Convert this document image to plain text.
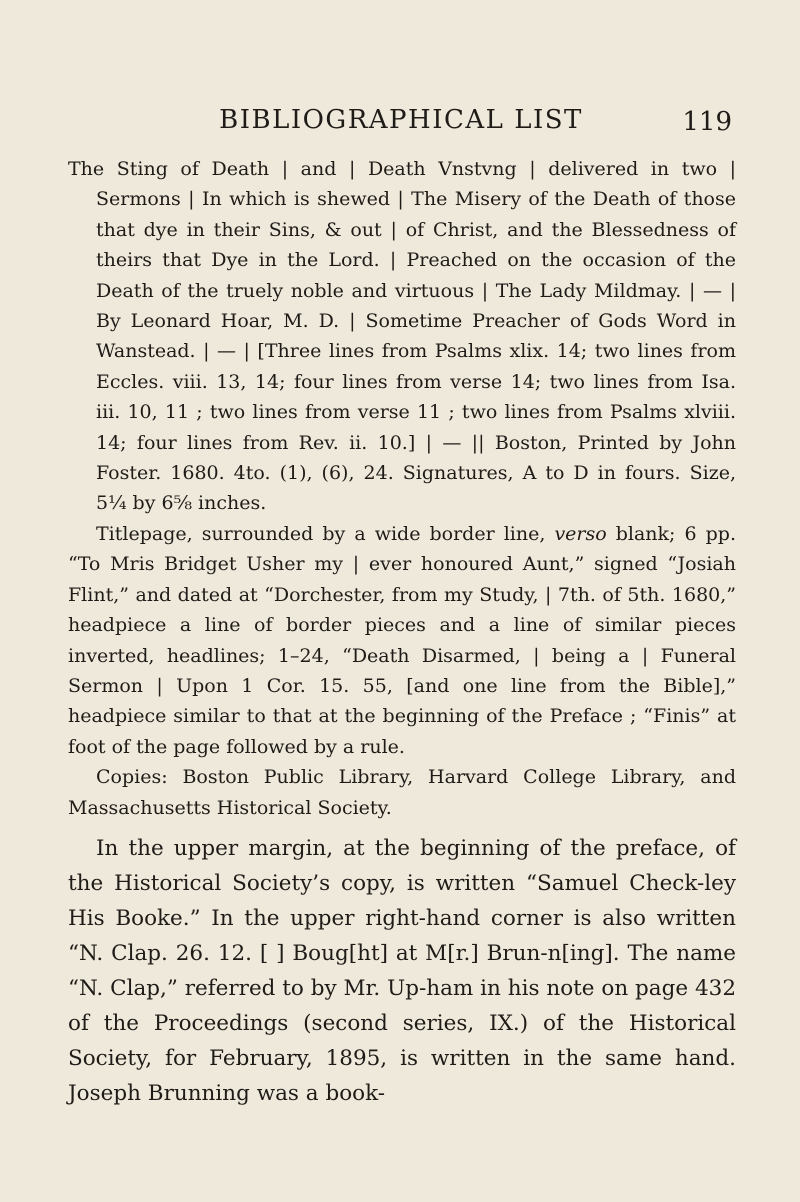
BIBLIOGRAPHICAL LIST	119

The Sting of Death | and | Death Vnstvng | delivered in two | Sermons | In which is shewed | The Misery of the Death of those that dye in their Sins, & out | of Christ, and the Blessedness of theirs that Dye in the Lord. | Preached on the occasion of the Death of the truely noble and virtuous | The Lady Mildmay. | — | By Leonard Hoar, M. D. | Sometime Preacher of Gods Word in Wanstead. | — | [Three lines from Psalms xlix. 14; two lines from Eccles. viii. 13, 14; four lines from verse 14; two lines from Isa. iii. 10, 11 ; two lines from verse 11 ; two lines from Psalms xlviii. 14; four lines from Rev. ii. 10.] | — || Boston, Printed by John Foster. 1680. 4to. (1), (6), 24. Signatures, A to D in fours. Size, 5¼ by 6⅝ inches.

Titlepage, surrounded by a wide border line, verso blank; 6 pp. “To Mris Bridget Usher my | ever honoured Aunt,” signed “Josiah Flint,” and dated at “Dorchester, from my Study, | 7th. of 5th. 1680,” headpiece a line of border pieces and a line of similar pieces inverted, headlines; 1–24, “Death Disarmed, | being a | Funeral Sermon | Upon 1 Cor. 15. 55, [and one line from the Bible],” headpiece similar to that at the beginning of the Preface ; “Finis” at foot of the page followed by a rule.

Copies: Boston Public Library, Harvard College Library, and Massachusetts Historical Society.

In the upper margin, at the beginning of the preface, of the Historical Society’s copy, is written “Samuel Check-ley His Booke.” In the upper right-hand corner is also written “N. Clap. 26. 12. [ ] Boug[ht] at M[r.] Brun-n[ing]. The name “N. Clap,” referred to by Mr. Up-ham in his note on page 432 of the Proceedings (second series, IX.) of the Historical Society, for February, 1895, is written in the same hand. Joseph Brunning was a book-
